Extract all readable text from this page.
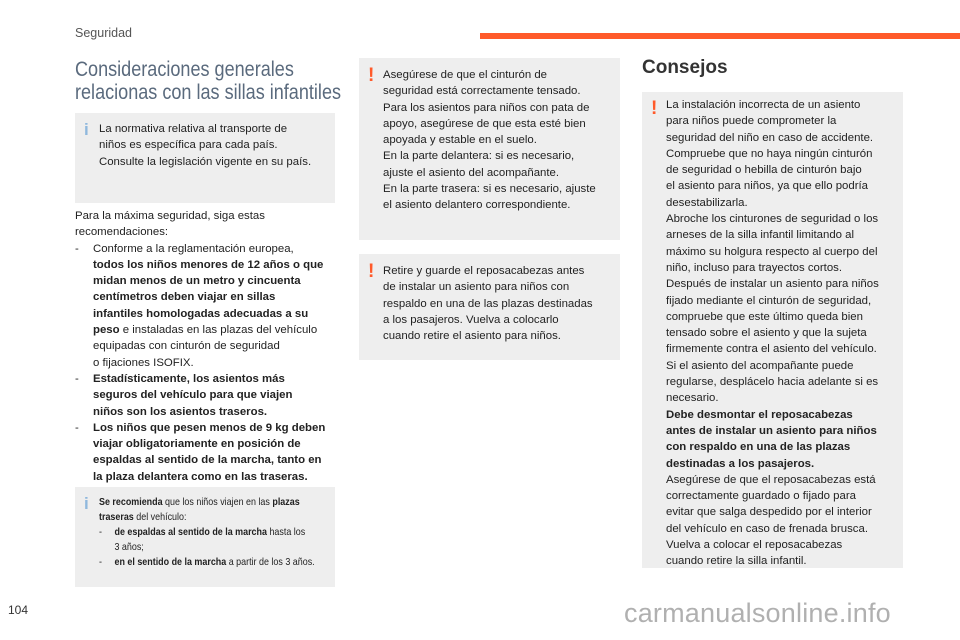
Seguridad
Consideraciones generales
relacionas con las sillas infantiles
i La normativa relativa al transporte de
niños es específica para cada país.
Consulte la legislación vigente en su país.
Para la máxima seguridad, siga estas
recomendaciones:
- Conforme a la reglamentación europea,
todos los niños menores de 12 años o que
midan menos de un metro y cincuenta
centímetros deben viajar en sillas
infantiles homologadas adecuadas a su
peso e instaladas en las plazas del vehículo
equipadas con cinturón de seguridad
o fijaciones ISOFIX.
- Estadísticamente, los asientos más
seguros del vehículo para que viajen
niños son los asientos traseros.
- Los niños que pesen menos de 9 kg deben
viajar obligatoriamente en posición de
espaldas al sentido de la marcha, tanto en
la plaza delantera como en las traseras.
i Se recomienda que los niños viajen en las plazas
traseras del vehículo:
- de espaldas al sentido de la marcha hasta los
3 años;
- en el sentido de la marcha a partir de los 3 años.
! Asegúrese de que el cinturón de
seguridad está correctamente tensado.
Para los asientos para niños con pata de
apoyo, asegúrese de que esta esté bien
apoyada y estable en el suelo.
En la parte delantera: si es necesario,
ajuste el asiento del acompañante.
En la parte trasera: si es necesario, ajuste
el asiento delantero correspondiente.
! Retire y guarde el reposacabezas antes
de instalar un asiento para niños con
respaldo en una de las plazas destinadas
a los pasajeros. Vuelva a colocarlo
cuando retire el asiento para niños.
Consejos
! La instalación incorrecta de un asiento
para niños puede comprometer la
seguridad del niño en caso de accidente.
Compruebe que no haya ningún cinturón
de seguridad o hebilla de cinturón bajo
el asiento para niños, ya que ello podría
desestabilizarla.
Abroche los cinturones de seguridad o los
arneses de la silla infantil limitando al
máximo su holgura respecto al cuerpo del
niño, incluso para trayectos cortos.
Después de instalar un asiento para niños
fijado mediante el cinturón de seguridad,
compruebe que este último queda bien
tensado sobre el asiento y que la sujeta
firmemente contra el asiento del vehículo.
Si el asiento del acompañante puede
regularse, desplácelo hacia adelante si es
necesario.
Debe desmontar el reposacabezas
antes de instalar un asiento para niños
con respaldo en una de las plazas
destinadas a los pasajeros.
Asegúrese de que el reposacabezas está
correctamente guardado o fijado para
evitar que salga despedido por el interior
del vehículo en caso de frenada brusca.
Vuelva a colocar el reposacabezas
cuando retire la silla infantil.
104	carmanualsonline.info
